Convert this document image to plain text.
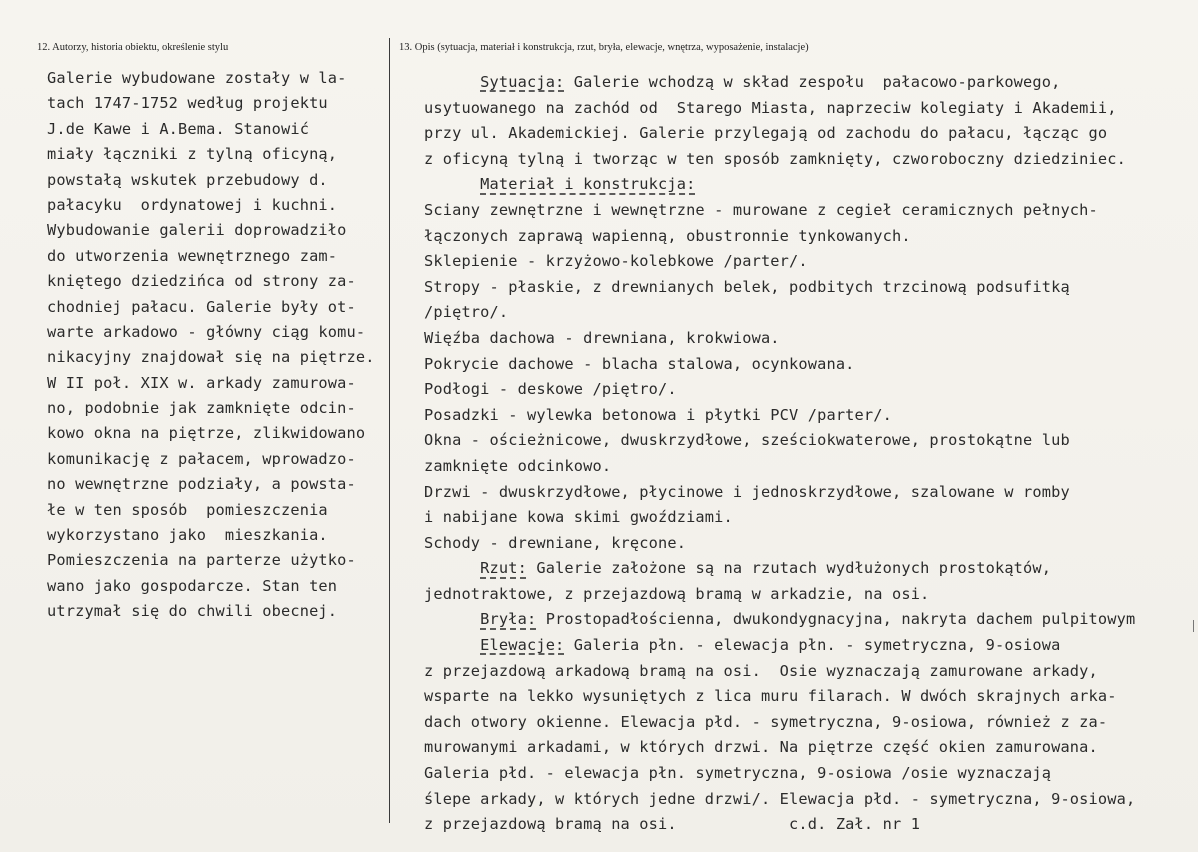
12. Autorzy, historia obiektu, określenie stylu	13. Opis (sytuacja, materiał i konstrukcja, rzut, bryła, elewacje, wnętrza, wyposażenie, instalacje)
Galerie wybudowane zostały w la-
tach 1747-1752 według projektu
J.de Kawe i A.Bema. Stanowić
miały łączniki z tylną oficyną,
powstałą wskutek przebudowy d.
pałacyku  ordynatowej i kuchni.
Wybudowanie galerii doprowadziło
do utworzenia wewnętrznego zam-
kniętego dziedzińca od strony za-
chodniej pałacu. Galerie były ot-
warte arkadowo - główny ciąg komu-
nikacyjny znajdował się na piętrze.
W II poł. XIX w. arkady zamurowa-
no, podobnie jak zamknięte odcin-
kowo okna na piętrze, zlikwidowano
komunikację z pałacem, wprowadzo-
no wewnętrzne podziały, a powsta-
łe w ten sposób  pomieszczenia
wykorzystano jako  mieszkania.
Pomieszczenia na parterze użytko-
wano jako gospodarcze. Stan ten
utrzymał się do chwili obecnej.
Sytuacja: Galerie wchodzą w skład zespołu  pałacowo-parkowego,
usytuowanego na zachód od  Starego Miasta, naprzeciw kolegiaty i Akademii,
przy ul. Akademickiej. Galerie przylegają od zachodu do pałacu, łącząc go
z oficyną tylną i tworząc w ten sposób zamknięty, czworoboczny dziedziniec.
Materiał i konstrukcja:
Sciany zewnętrzne i wewnętrzne - murowane z cegieł ceramicznych pełnych-
łączonych zaprawą wapienną, obustronnie tynkowanych.
Sklepienie - krzyżowo-kolebkowe /parter/.
Stropy - płaskie, z drewnianych belek, podbitych trzcinową podsufitką
/piętro/.
Więźba dachowa - drewniana, krokwiowa.
Pokrycie dachowe - blacha stalowa, ocynkowana.
Podłogi - deskowe /piętro/.
Posadzki - wylewka betonowa i płytki PCV /parter/.
Okna - ościeżnicowe, dwuskrzydłowe, sześciokwaterowe, prostokątne lub
zamknięte odcinkowo.
Drzwi - dwuskrzydłowe, płycinowe i jednoskrzydłowe, szalowane w romby
i nabijane kowa skimi gwoździami.
Schody - drewniane, kręcone.
Rzut: Galerie założone są na rzutach wydłużonych prostokątów,
jednotraktowe, z przejazdową bramą w arkadzie, na osi.
Bryła: Prostopadłościenna, dwukondygnacyjna, nakryta dachem pulpitowym
Elewacje: Galeria płn. - elewacja płn. - symetryczna, 9-osiowa
z przejazdową arkadową bramą na osi.  Osie wyznaczają zamurowane arkady,
wsparte na lekko wysuniętych z lica muru filarach. W dwóch skrajnych arka-
dach otwory okienne. Elewacja płd. - symetryczna, 9-osiowa, również z za-
murowanymi arkadami, w których drzwi. Na piętrze część okien zamurowana.
Galeria płd. - elewacja płn. symetryczna, 9-osiowa /osie wyznaczają
ślepe arkady, w których jedne drzwi/. Elewacja płd. - symetryczna, 9-osiowa,
z przejazdową bramą na osi.            c.d. Zał. nr 1
